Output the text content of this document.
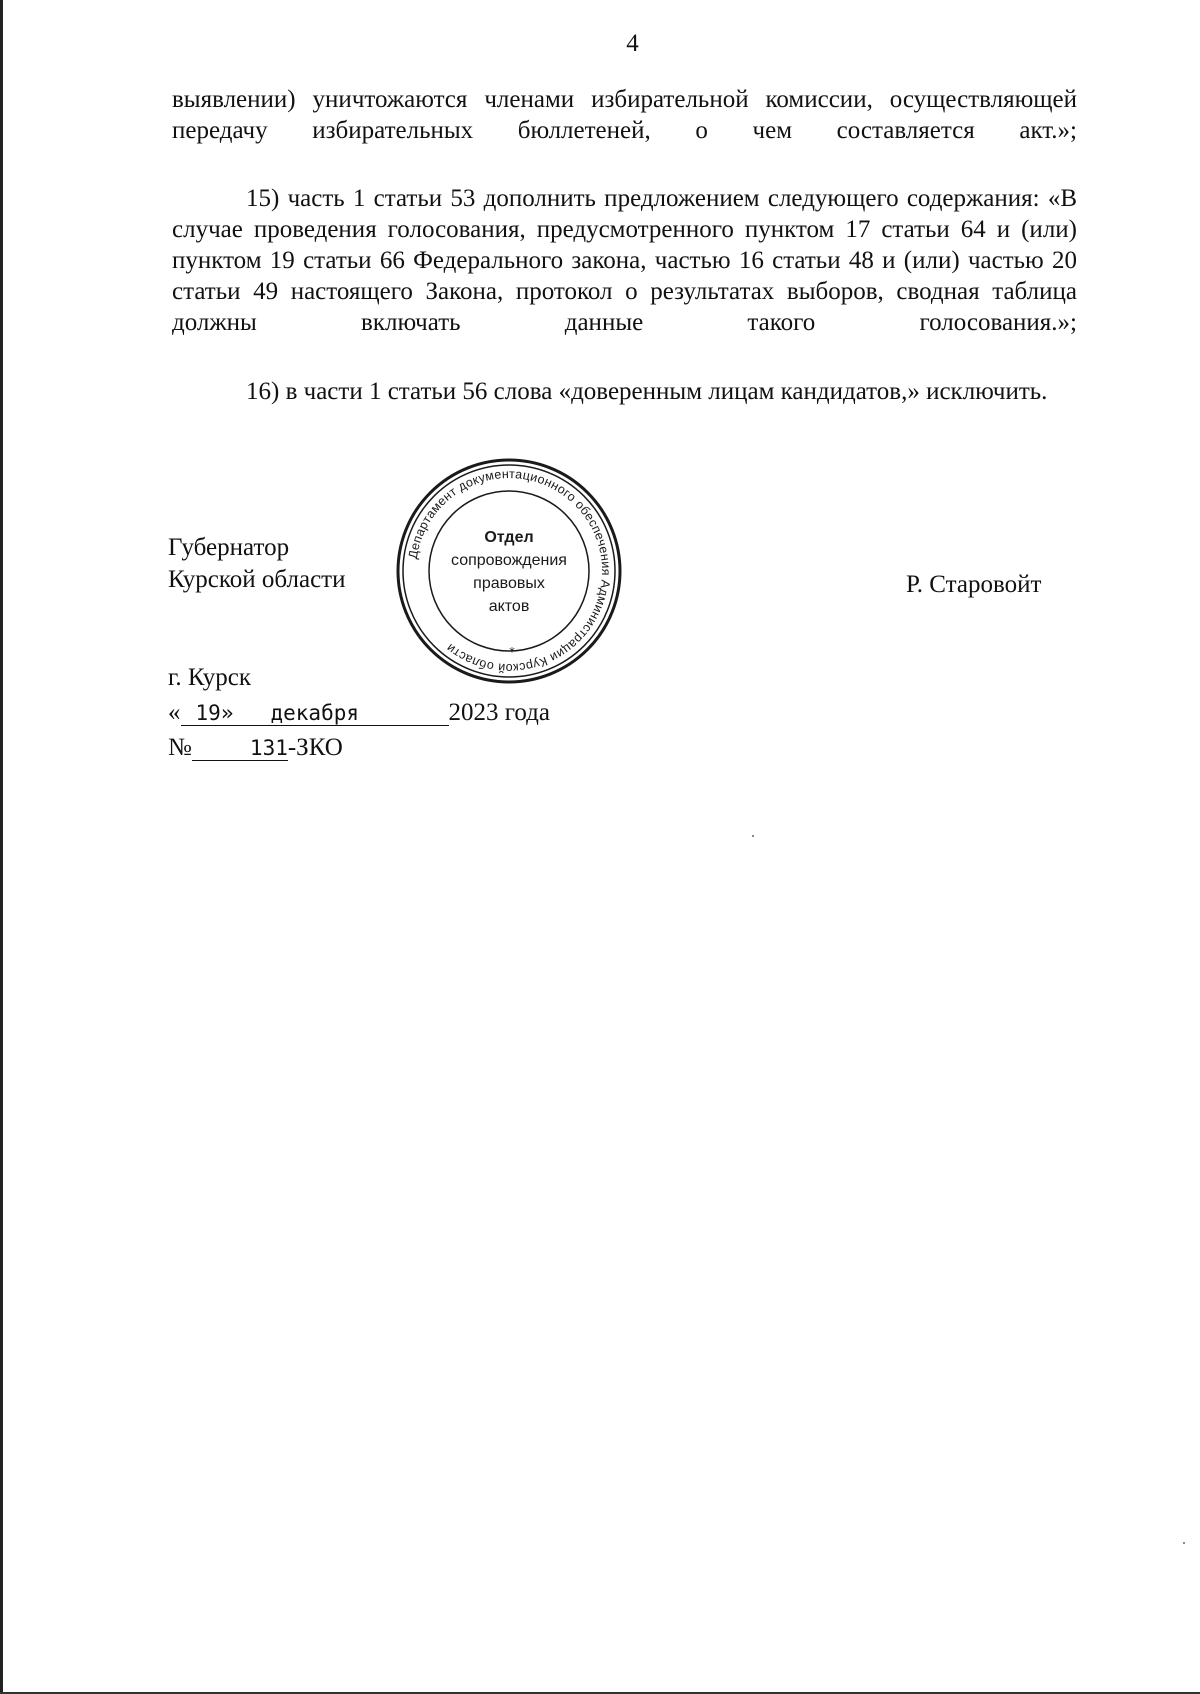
4
выявлении) уничтожаются членами избирательной комиссии, осуществляющей передачу избирательных бюллетеней, о чем составляется акт.»;
15) часть 1 статьи 53 дополнить предложением следующего содержания: «В случае проведения голосования, предусмотренного пунктом 17 статьи 64 и (или) пунктом 19 статьи 66 Федерального закона, частью 16 статьи 48 и (или) частью 20 статьи 49 настоящего Закона, протокол о результатах выборов, сводная таблица должны включать данные такого голосования.»;
16) в части 1 статьи 56 слова «доверенным лицам кандидатов,» исключить.
Губернатор
Курской области
Департамент документационного обеспечения Администрации Курской области	*
Отдел
сопровождения
правовых
актов
Р. Старовойт
г. Курск
« 19» декабря	2023 года
№	131-ЗКО
